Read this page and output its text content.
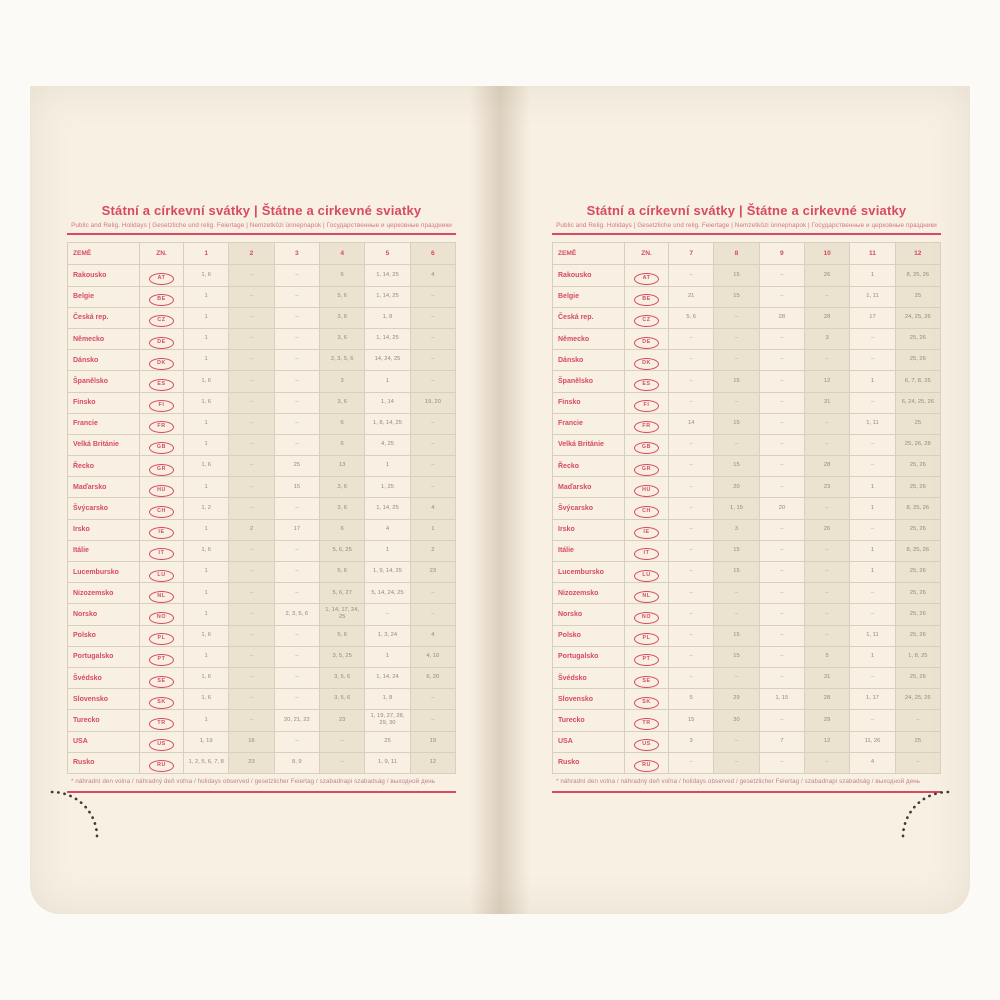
Státní a církevní svátky | Štátne a cirkevné sviatky
Public and Relig. Holidays | Gesetzliche und relig. Feiertage | Nemzetközi ünnepnapok | Государственные и церковные праздники
ZEMĚ	ZN.	1	2	3	4	5	6
Rakousko	AT	1, 6	–	–	6	1, 14, 25	4
Belgie	BE	1	–	–	5, 6	1, 14, 25	–
Česká rep.	CZ	1	–	–	3, 6	1, 8	–
Německo	DE	1	–	–	3, 6	1, 14, 25	–
Dánsko	DK	1	–	–	2, 3, 5, 6	14, 24, 25	–
Španělsko	ES	1, 6	–	–	3	1	–
Finsko	FI	1, 6	–	–	3, 6	1, 14	19, 20
Francie	FR	1	–	–	6	1, 8, 14, 25	–
Velká Británie	GB	1	–	–	6	4, 25	–
Řecko	GR	1, 6	–	25	13	1	–
Maďarsko	HU	1	–	15	3, 6	1, 25	–
Švýcarsko	CH	1, 2	–	–	3, 6	1, 14, 25	4
Irsko	IE	1	2	17	6	4	1
Itálie	IT	1, 6	–	–	5, 6, 25	1	2
Lucembursko	LU	1	–	–	5, 6	1, 9, 14, 25	23
Nizozemsko	NL	1	–	–	5, 6, 27	5, 14, 24, 25	–
Norsko	NO	1	–	2, 3, 5, 6	1, 14, 17, 24, 25	–	–
Polsko	PL	1, 6	–	–	5, 6	1, 3, 24	4
Portugalsko	PT	1	–	–	3, 5, 25	1	4, 10
Švédsko	SE	1, 6	–	–	3, 5, 6	1, 14, 24	6, 20
Slovensko	SK	1, 6	–	–	3, 5, 6	1, 8	–
Turecko	TR	1	–	20, 21, 22	23	1, 19, 27, 28, 29, 30	–
USA	US	1, 19	16	–	–	25	19
Rusko	RU	1, 2, 5, 6, 7, 8	23	8, 9	–	1, 9, 11	12
* náhradní den volna / náhradný deň voľna / holidays observed / gesetzlicher Feiertag / szabadnapi szabadság / выходной день
Státní a církevní svátky | Štátne a cirkevné sviatky
Public and Relig. Holidays | Gesetzliche und relig. Feiertage | Nemzetközi ünnepnapok | Государственные и церковные праздники
ZEMĚ	ZN.	7	8	9	10	11	12
Rakousko	AT	–	15	–	26	1	8, 25, 26
Belgie	BE	21	15	–	–	1, 11	25
Česká rep.	CZ	5, 6	–	28	28	17	24, 25, 26
Německo	DE	–	–	–	3	–	25, 26
Dánsko	DK	–	–	–	–	–	25, 26
Španělsko	ES	–	15	–	12	1	6, 7, 8, 25
Finsko	FI	–	–	–	31	–	6, 24, 25, 26
Francie	FR	14	15	–	–	1, 11	25
Velká Británie	GB	–	–	–	–	–	25, 26, 28
Řecko	GR	–	15	–	28	–	25, 26
Maďarsko	HU	–	20	–	23	1	25, 26
Švýcarsko	CH	–	1, 15	20	–	1	8, 25, 26
Irsko	IE	–	3	–	26	–	25, 26
Itálie	IT	–	15	–	–	1	8, 25, 26
Lucembursko	LU	–	15	–	–	1	25, 26
Nizozemsko	NL	–	–	–	–	–	25, 26
Norsko	NO	–	–	–	–	–	25, 26
Polsko	PL	–	15	–	–	1, 11	25, 26
Portugalsko	PT	–	15	–	5	1	1, 8, 25
Švédsko	SE	–	–	–	31	–	25, 26
Slovensko	SK	5	29	1, 15	28	1, 17	24, 25, 26
Turecko	TR	15	30	–	29	–	–
USA	US	3	–	7	12	11, 26	25
Rusko	RU	–	–	–	–	4	–
* náhradní den volna / náhradný deň voľna / holidays observed / gesetzlicher Feiertag / szabadnapi szabadság / выходной день
